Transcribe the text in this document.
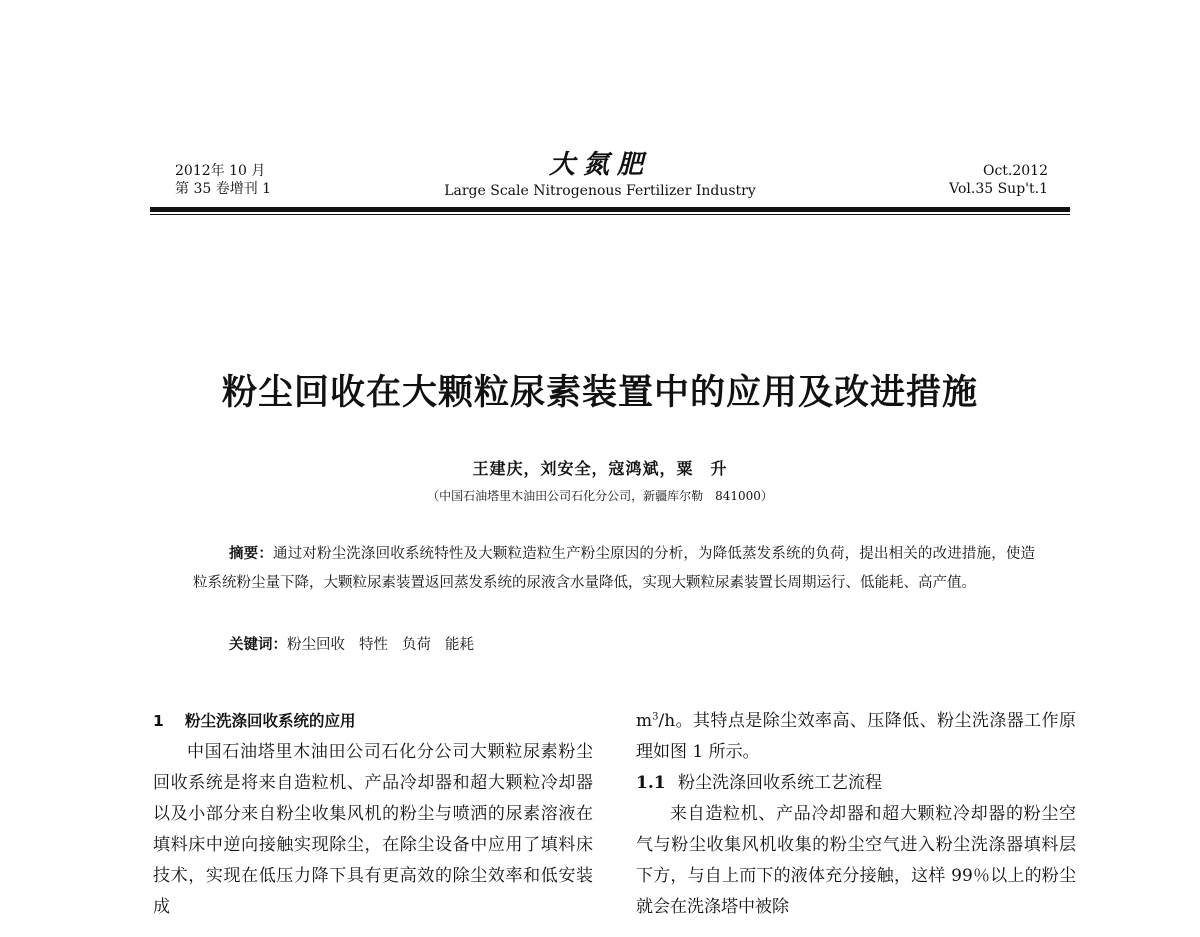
2012年 10 月
第 35 卷增刊 1
大氮肥
Large Scale Nitrogenous Fertilizer Industry
Oct.2012
Vol.35 Sup't.1
粉尘回收在大颗粒尿素装置中的应用及改进措施
王建庆，刘安全，寇鸿斌，粟　升
（中国石油塔里木油田公司石化分公司，新疆库尔勒　841000）
摘要：通过对粉尘洗涤回收系统特性及大颗粒造粒生产粉尘原因的分析，为降低蒸发系统的负荷，提出相关的改进措施，使造粒系统粉尘量下降，大颗粒尿素装置返回蒸发系统的尿液含水量降低，实现大颗粒尿素装置长周期运行、低能耗、高产值。
关键词：粉尘回收 特性 负荷 能耗
1 粉尘洗涤回收系统的应用

中国石油塔里木油田公司石化分公司大颗粒尿素粉尘回收系统是将来自造粒机、产品冷却器和超大颗粒冷却器以及小部分来自粉尘收集风机的粉尘与喷洒的尿素溶液在填料床中逆向接触实现除尘，在除尘设备中应用了填料床技术，实现在低压力降下具有更高效的除尘效率和低安装成

$m^3/h$。其特点是除尘效率高、压降低、粉尘洗涤器工作原理如图 1 所示。

1.1 粉尘洗涤回收系统工艺流程

来自造粒机、产品冷却器和超大颗粒冷却器的粉尘空气与粉尘收集风机收集的粉尘空气进入粉尘洗涤器填料层下方，与自上而下的液体充分接触，这样 99％以上的粉尘就会在洗涤塔中被除
